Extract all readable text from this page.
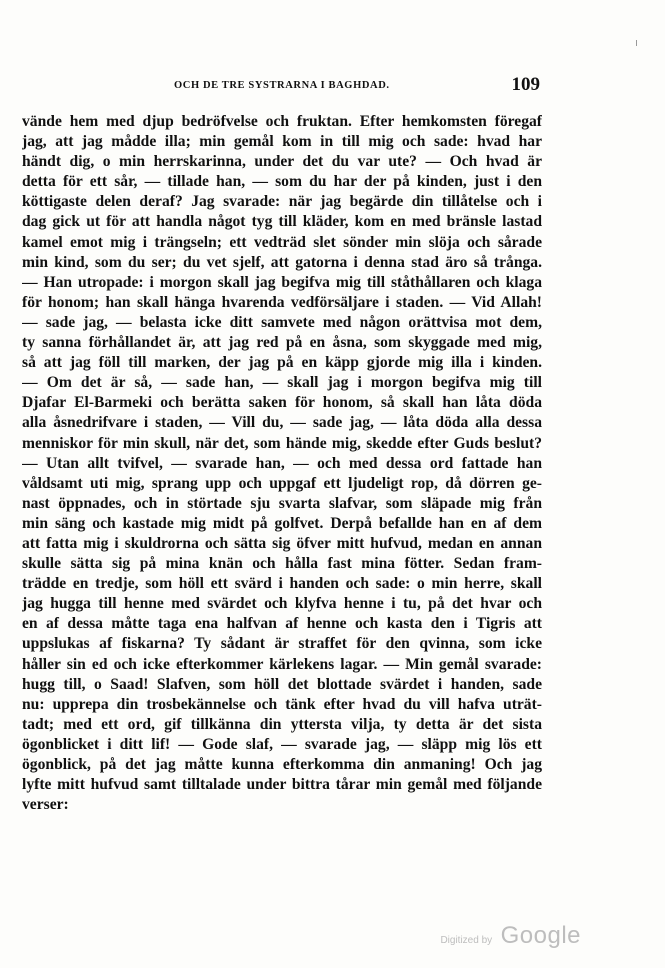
OCH DE TRE SYSTRARNA I BAGHDAD.	109
vände hem med djup bedröfvelse och fruktan. Efter hemkomsten föregaf
jag, att jag mådde illa; min gemål kom in till mig och sade: hvad har
händt dig, o min herrskarinna, under det du var ute? — Och hvad är
detta för ett sår, — tillade han, — som du har der på kinden, just i den
köttigaste delen deraf? Jag svarade: när jag begärde din tillåtelse och i
dag gick ut för att handla något tyg till kläder, kom en med bränsle lastad
kamel emot mig i trängseln; ett vedträd slet sönder min slöja och sårade
min kind, som du ser; du vet sjelf, att gatorna i denna stad äro så trånga.
— Han utropade: i morgon skall jag begifva mig till ståthållaren och klaga
för honom; han skall hänga hvarenda vedförsäljare i staden. — Vid Allah!
— sade jag, — belasta icke ditt samvete med någon orättvisa mot dem,
ty sanna förhållandet är, att jag red på en åsna, som skyggade med mig,
så att jag föll till marken, der jag på en käpp gjorde mig illa i kinden.
— Om det är så, — sade han, — skall jag i morgon begifva mig till
Djafar El-Barmeki och berätta saken för honom, så skall han låta döda
alla åsnedrifvare i staden, — Vill du, — sade jag, — låta döda alla dessa
menniskor för min skull, när det, som hände mig, skedde efter Guds beslut?
— Utan allt tvifvel, — svarade han, — och med dessa ord fattade han
våldsamt uti mig, sprang upp och uppgaf ett ljudeligt rop, då dörren ge-
nast öppnades, och in störtade sju svarta slafvar, som släpade mig från
min säng och kastade mig midt på golfvet. Derpå befallde han en af dem
att fatta mig i skuldrorna och sätta sig öfver mitt hufvud, medan en annan
skulle sätta sig på mina knän och hålla fast mina fötter. Sedan fram-
trädde en tredje, som höll ett svärd i handen och sade: o min herre, skall
jag hugga till henne med svärdet och klyfva henne i tu, på det hvar och
en af dessa måtte taga ena halfvan af henne och kasta den i Tigris att
uppslukas af fiskarna? Ty sådant är straffet för den qvinna, som icke
håller sin ed och icke efterkommer kärlekens lagar. — Min gemål svarade:
hugg till, o Saad! Slafven, som höll det blottade svärdet i handen, sade
nu: upprepa din trosbekännelse och tänk efter hvad du vill hafva uträt-
tadt; med ett ord, gif tillkänna din yttersta vilja, ty detta är det sista
ögonblicket i ditt lif! — Gode slaf, — svarade jag, — släpp mig lös ett
ögonblick, på det jag måtte kunna efterkomma din anmaning! Och jag
lyfte mitt hufvud samt tilltalade under bittra tårar min gemål med följande
verser:
Digitized by Google
